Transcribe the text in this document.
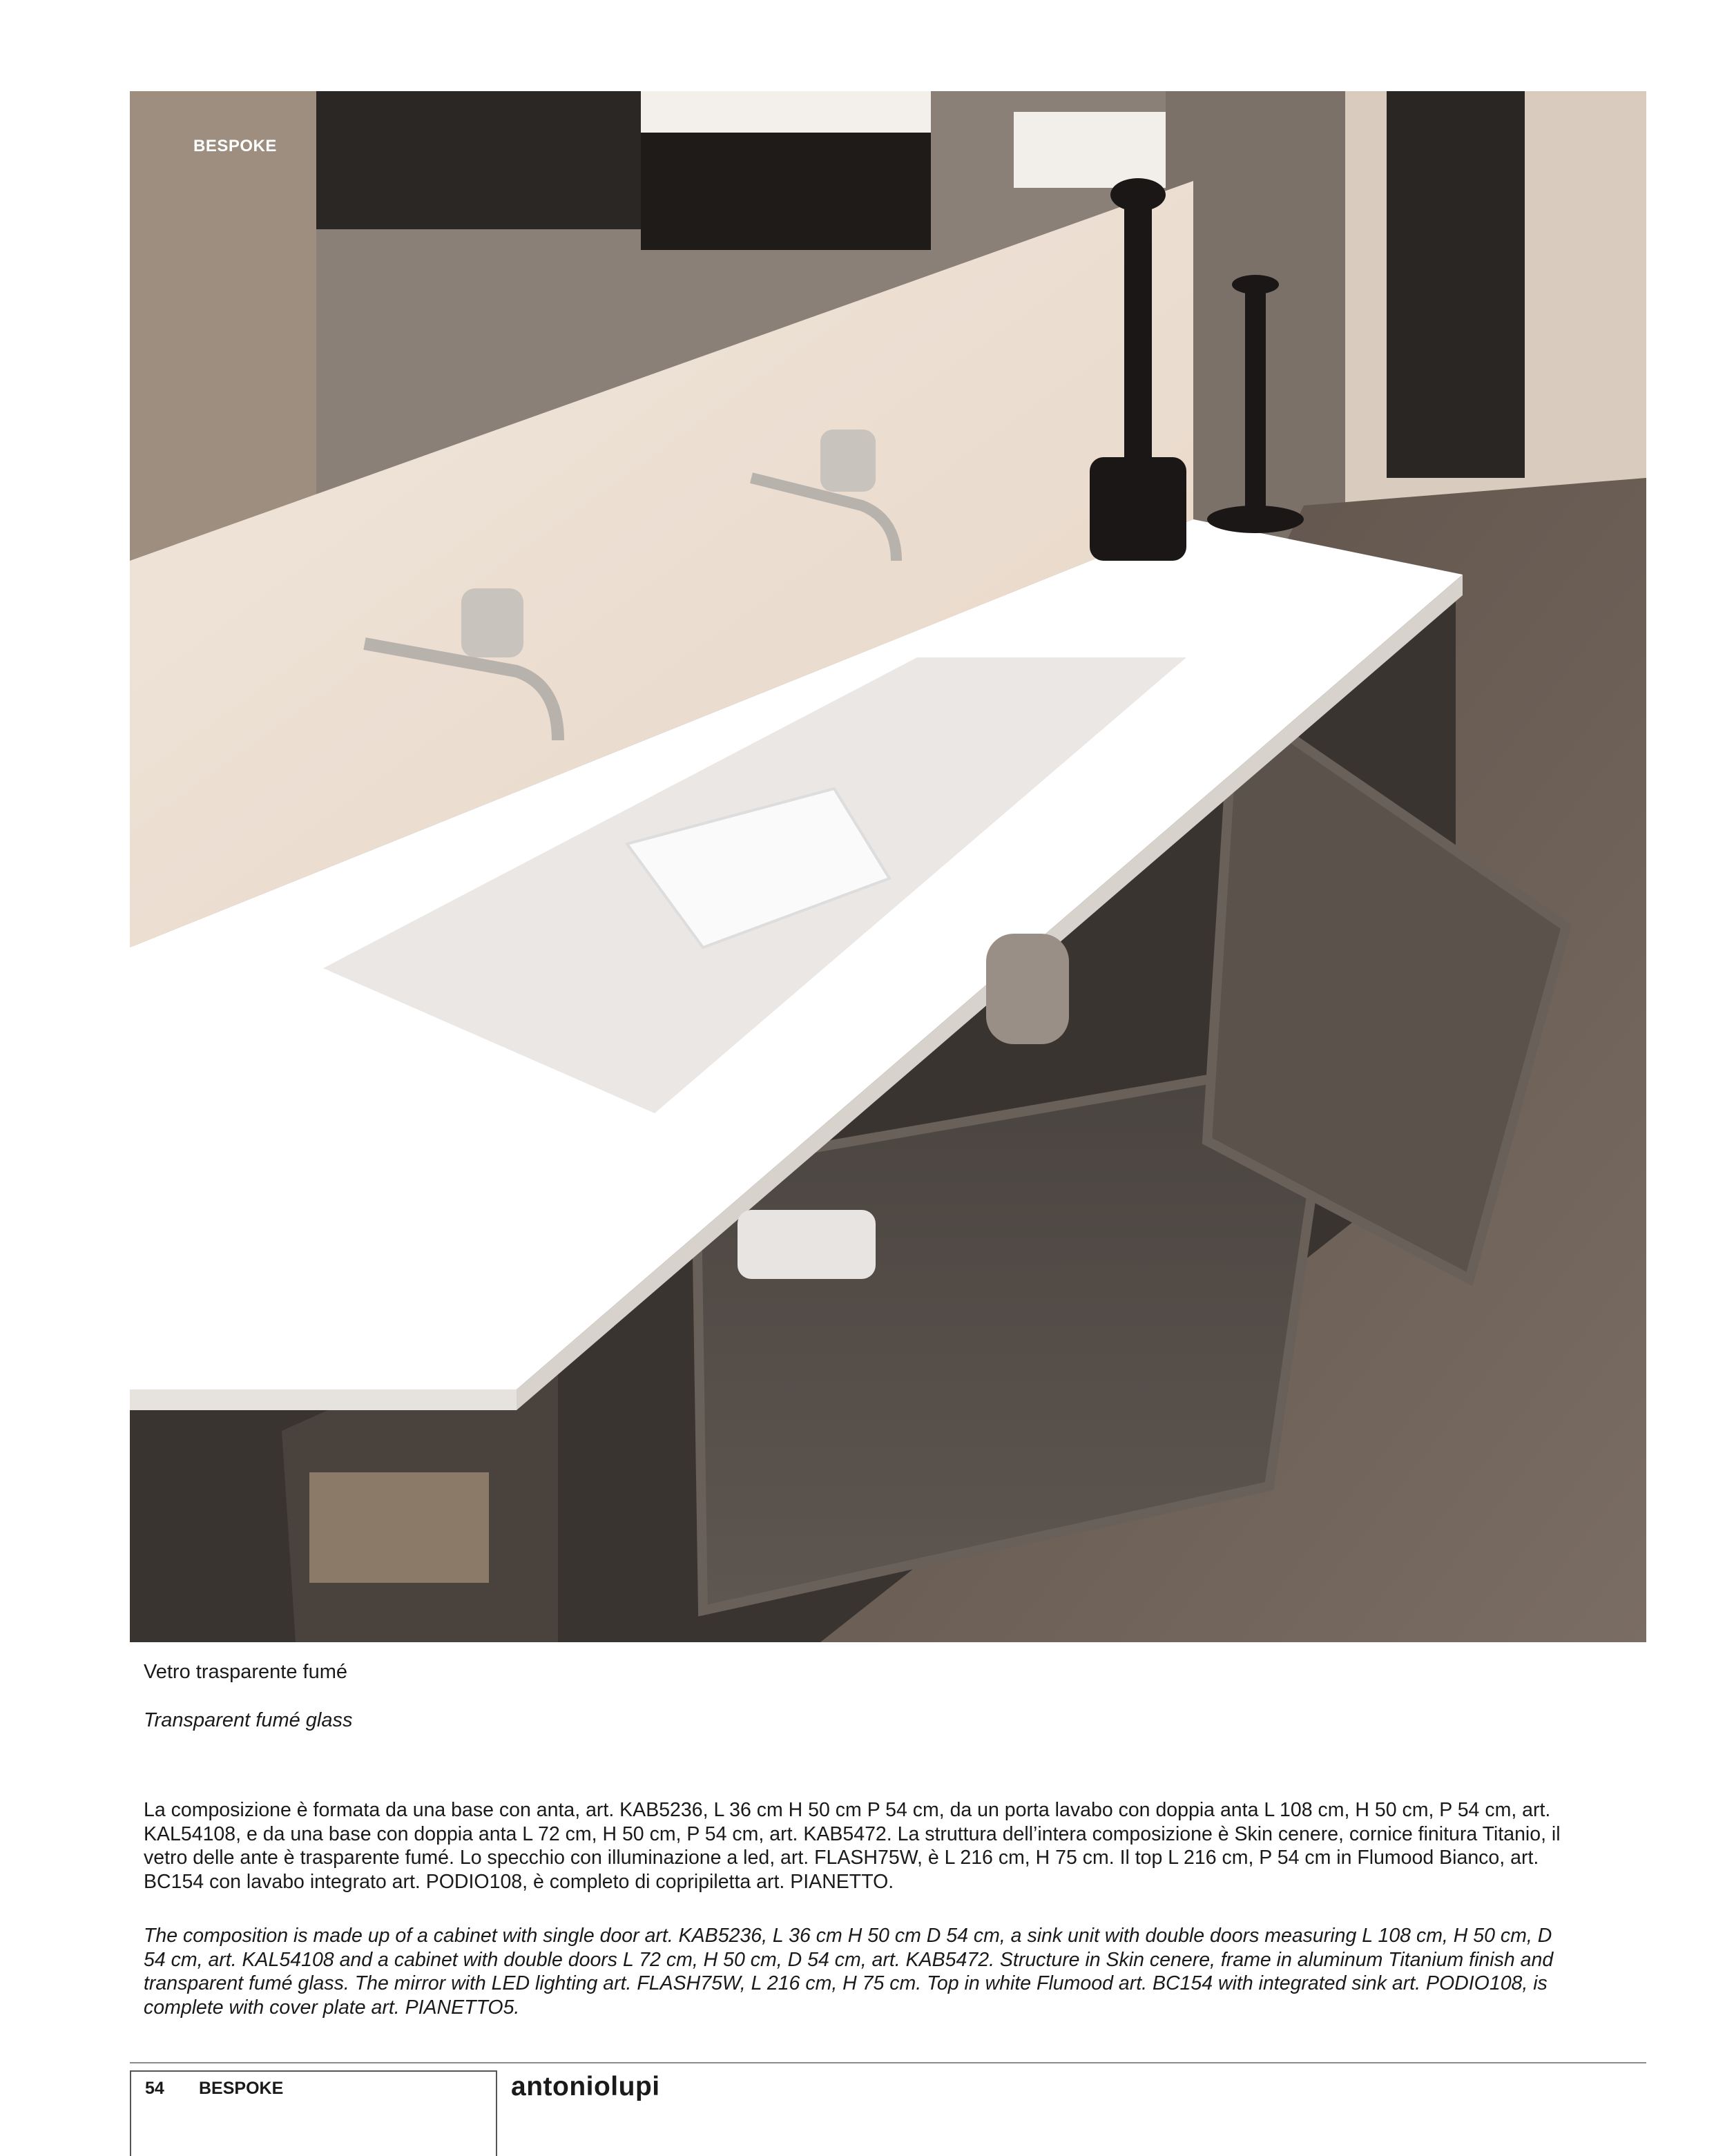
BESPOKE
Vetro trasparente fumé
Transparent fumé glass

La composizione è formata da una base con anta, art. KAB5236, L 36 cm H 50 cm P 54 cm, da un porta lavabo con doppia anta L 108 cm, H 50 cm, P 54 cm, art. KAL54108, e da una base con doppia anta L 72 cm, H 50 cm, P 54 cm, art. KAB5472. La struttura dell’intera composizione è Skin cenere, cornice finitura Titanio, il vetro delle ante è trasparente fumé. Lo specchio con illuminazione a led, art. FLASH75W, è L 216 cm, H 75 cm. Il top L 216 cm, P 54 cm in Flumood Bianco, art. BC154 con lavabo integrato art. PODIO108, è completo di copripiletta art. PIANETTO.

The composition is made up of a cabinet with single door art. KAB5236, L 36 cm H 50 cm D 54 cm, a sink unit with double doors measuring L 108 cm, H 50 cm, D 54 cm, art. KAL54108 and a cabinet with double doors L 72 cm, H 50 cm, D 54 cm, art. KAB5472. Structure in Skin cenere, frame in aluminum Titanium finish and transparent fumé glass. The mirror with LED lighting art. FLASH75W, L 216 cm, H 75 cm. Top in white Flumood art. BC154 with integrated sink art. PODIO108, is complete with cover plate art. PIANETTO5.

54 BESPOKE	antoniolupi
